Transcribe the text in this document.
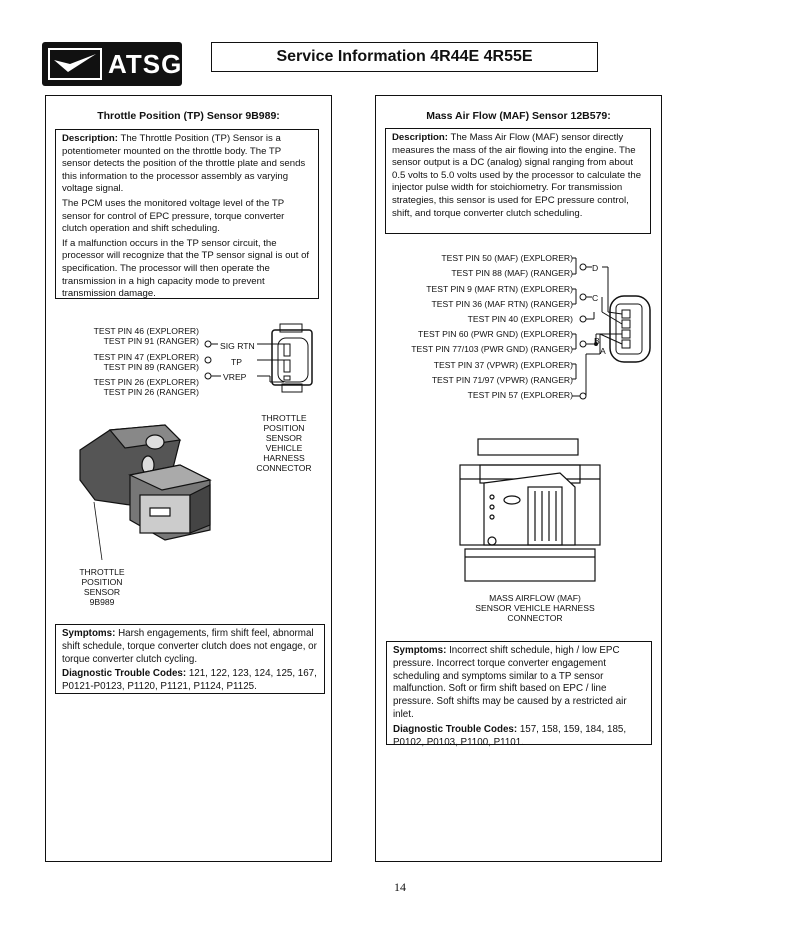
ATSG	Service Information 4R44E 4R55E
Throttle Position (TP) Sensor 9B989:

Description: The Throttle Position (TP) Sensor is a potentiometer mounted on the throttle body. The TP sensor detects the position of the throttle plate and sends this information to the processor assembly as varying voltage signal.

The PCM uses the monitored voltage level of the TP sensor for control of EPC pressure, torque converter clutch operation and shift scheduling.

If a malfunction occurs in the TP sensor circuit, the processor will recognize that the TP sensor signal is out of specification. The processor will then operate the transmission in a high capacity mode to prevent transmission damage.

TEST PIN 46 (EXPLORER)
TEST PIN 91 (RANGER)
TEST PIN 47 (EXPLORER)
TEST PIN 89 (RANGER)
TEST PIN 26 (EXPLORER)
TEST PIN 26 (RANGER)
SIG RTN
TP
VREP
THROTTLE
POSITION
SENSOR
VEHICLE
HARNESS
CONNECTOR
THROTTLE
POSITION
SENSOR
9B989

Symptoms: Harsh engagements, firm shift feel, abnormal shift schedule, torque converter clutch does not engage, or torque converter clutch cycling.

Diagnostic Trouble Codes: 121, 122, 123, 124, 125, 167, P0121-P0123, P1120, P1121, P1124, P1125.

Mass Air Flow (MAF) Sensor 12B579:

Description: The Mass Air Flow (MAF) sensor directly measures the mass of the air flowing into the engine. The sensor output is a DC (analog) signal ranging from about 0.5 volts to 5.0 volts used by the processor to calculate the injector pulse width for stoichiometry. For transmission strategies, this sensor is used for EPC pressure control, shift, and torque converter clutch scheduling.

TEST PIN 50 (MAF) (EXPLORER)
TEST PIN 88 (MAF) (RANGER)
TEST PIN 9 (MAF RTN) (EXPLORER)
TEST PIN 36 (MAF RTN) (RANGER)
TEST PIN 40 (EXPLORER)
TEST PIN 60 (PWR GND) (EXPLORER)
TEST PIN 77/103 (PWR GND) (RANGER)
TEST PIN 37 (VPWR) (EXPLORER)
TEST PIN 71/97 (VPWR) (RANGER)
TEST PIN 57 (EXPLORER)
D
C
B
A
MASS AIRFLOW (MAF)
SENSOR VEHICLE HARNESS
CONNECTOR

Symptoms: Incorrect shift schedule, high / low EPC pressure. Incorrect torque converter engagement scheduling and symptoms similar to a TP sensor malfunction. Soft or firm shift based on EPC / line pressure. Soft shifts may be caused by a restricted air inlet.

Diagnostic Trouble Codes: 157, 158, 159, 184, 185, P0102, P0103, P1100, P1101.

14
